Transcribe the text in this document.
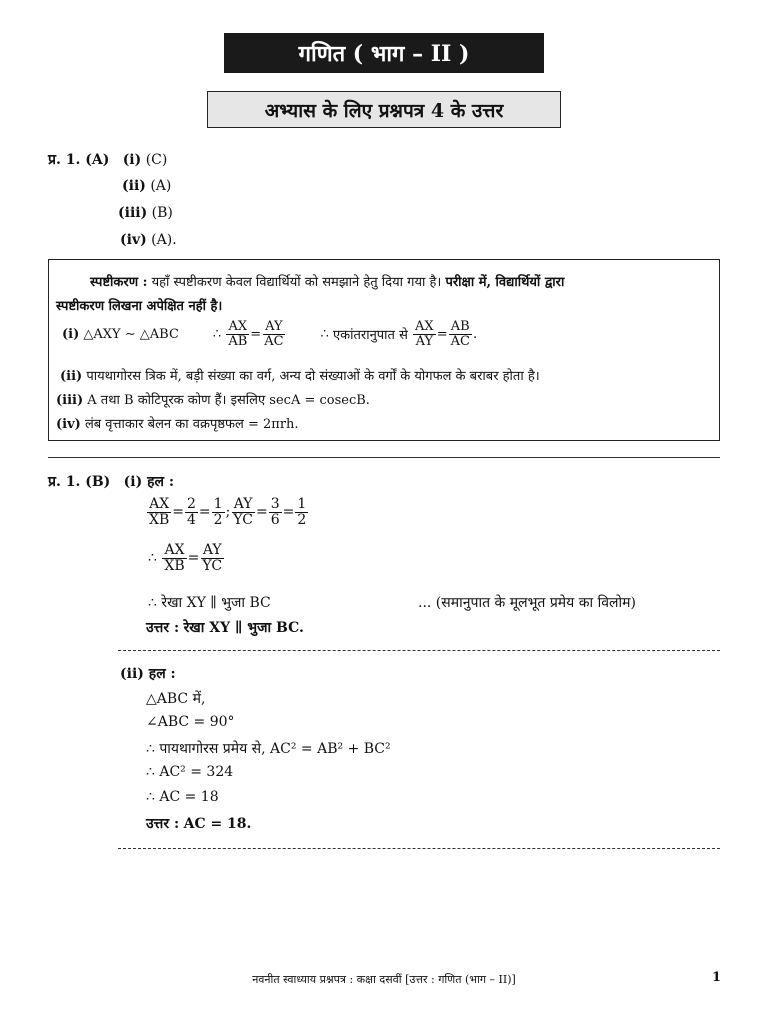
गणित ( भाग – II )
अभ्यास के लिए प्रश्नपत्र 4 के उत्तर
प्र. 1. (A) (i) (C)
(ii) (A)
(iii) (B)
(iv) (A).
स्पष्टीकरण : यहाँ स्पष्टीकरण केवल विद्यार्थियों को समझाने हेतु दिया गया है। परीक्षा में, विद्यार्थियों द्वारा
स्पष्टीकरण लिखना अपेक्षित नहीं है।
(i)
△AXY ∼ △ABC	∴
$\frac{AX}{AB} = \frac{AY}{AC}$	∴
एकांतरानुपात से
$\frac{AX}{AY} = \frac{AB}{AC}$ .
(ii) पायथागोरस त्रिक में, बड़ी संख्या का वर्ग, अन्य दो संख्याओं के वर्गों के योगफल के बराबर होता है।
(iii) A तथा B कोटिपूरक कोण हैं। इसलिए secA = cosecB.
(iv) लंब वृत्ताकार बेलन का वक्रपृष्ठफल = 2πrh.
प्र. 1. (B) (i) हल :
$\frac{AX}{XB} = \frac{2}{4} = \frac{1}{2}$ ; $\frac{AY}{YC} = \frac{3}{6} = \frac{1}{2}$
∴
$\frac{AX}{XB} = \frac{AY}{YC}$
∴ रेखा XY ∥ भुजा BC	... (समानुपात के मूलभूत प्रमेय का विलोम)
उत्तर : रेखा XY ∥ भुजा BC.
(ii) हल :
△ABC में,
∠ABC = 90°
∴ पायथागोरस प्रमेय से, AC² = AB² + BC²
∴ AC² = 324
∴ AC = 18
उत्तर : AC = 18.
नवनीत स्वाध्याय प्रश्नपत्र : कक्षा दसवीं [उत्तर : गणित (भाग – II)]	1
